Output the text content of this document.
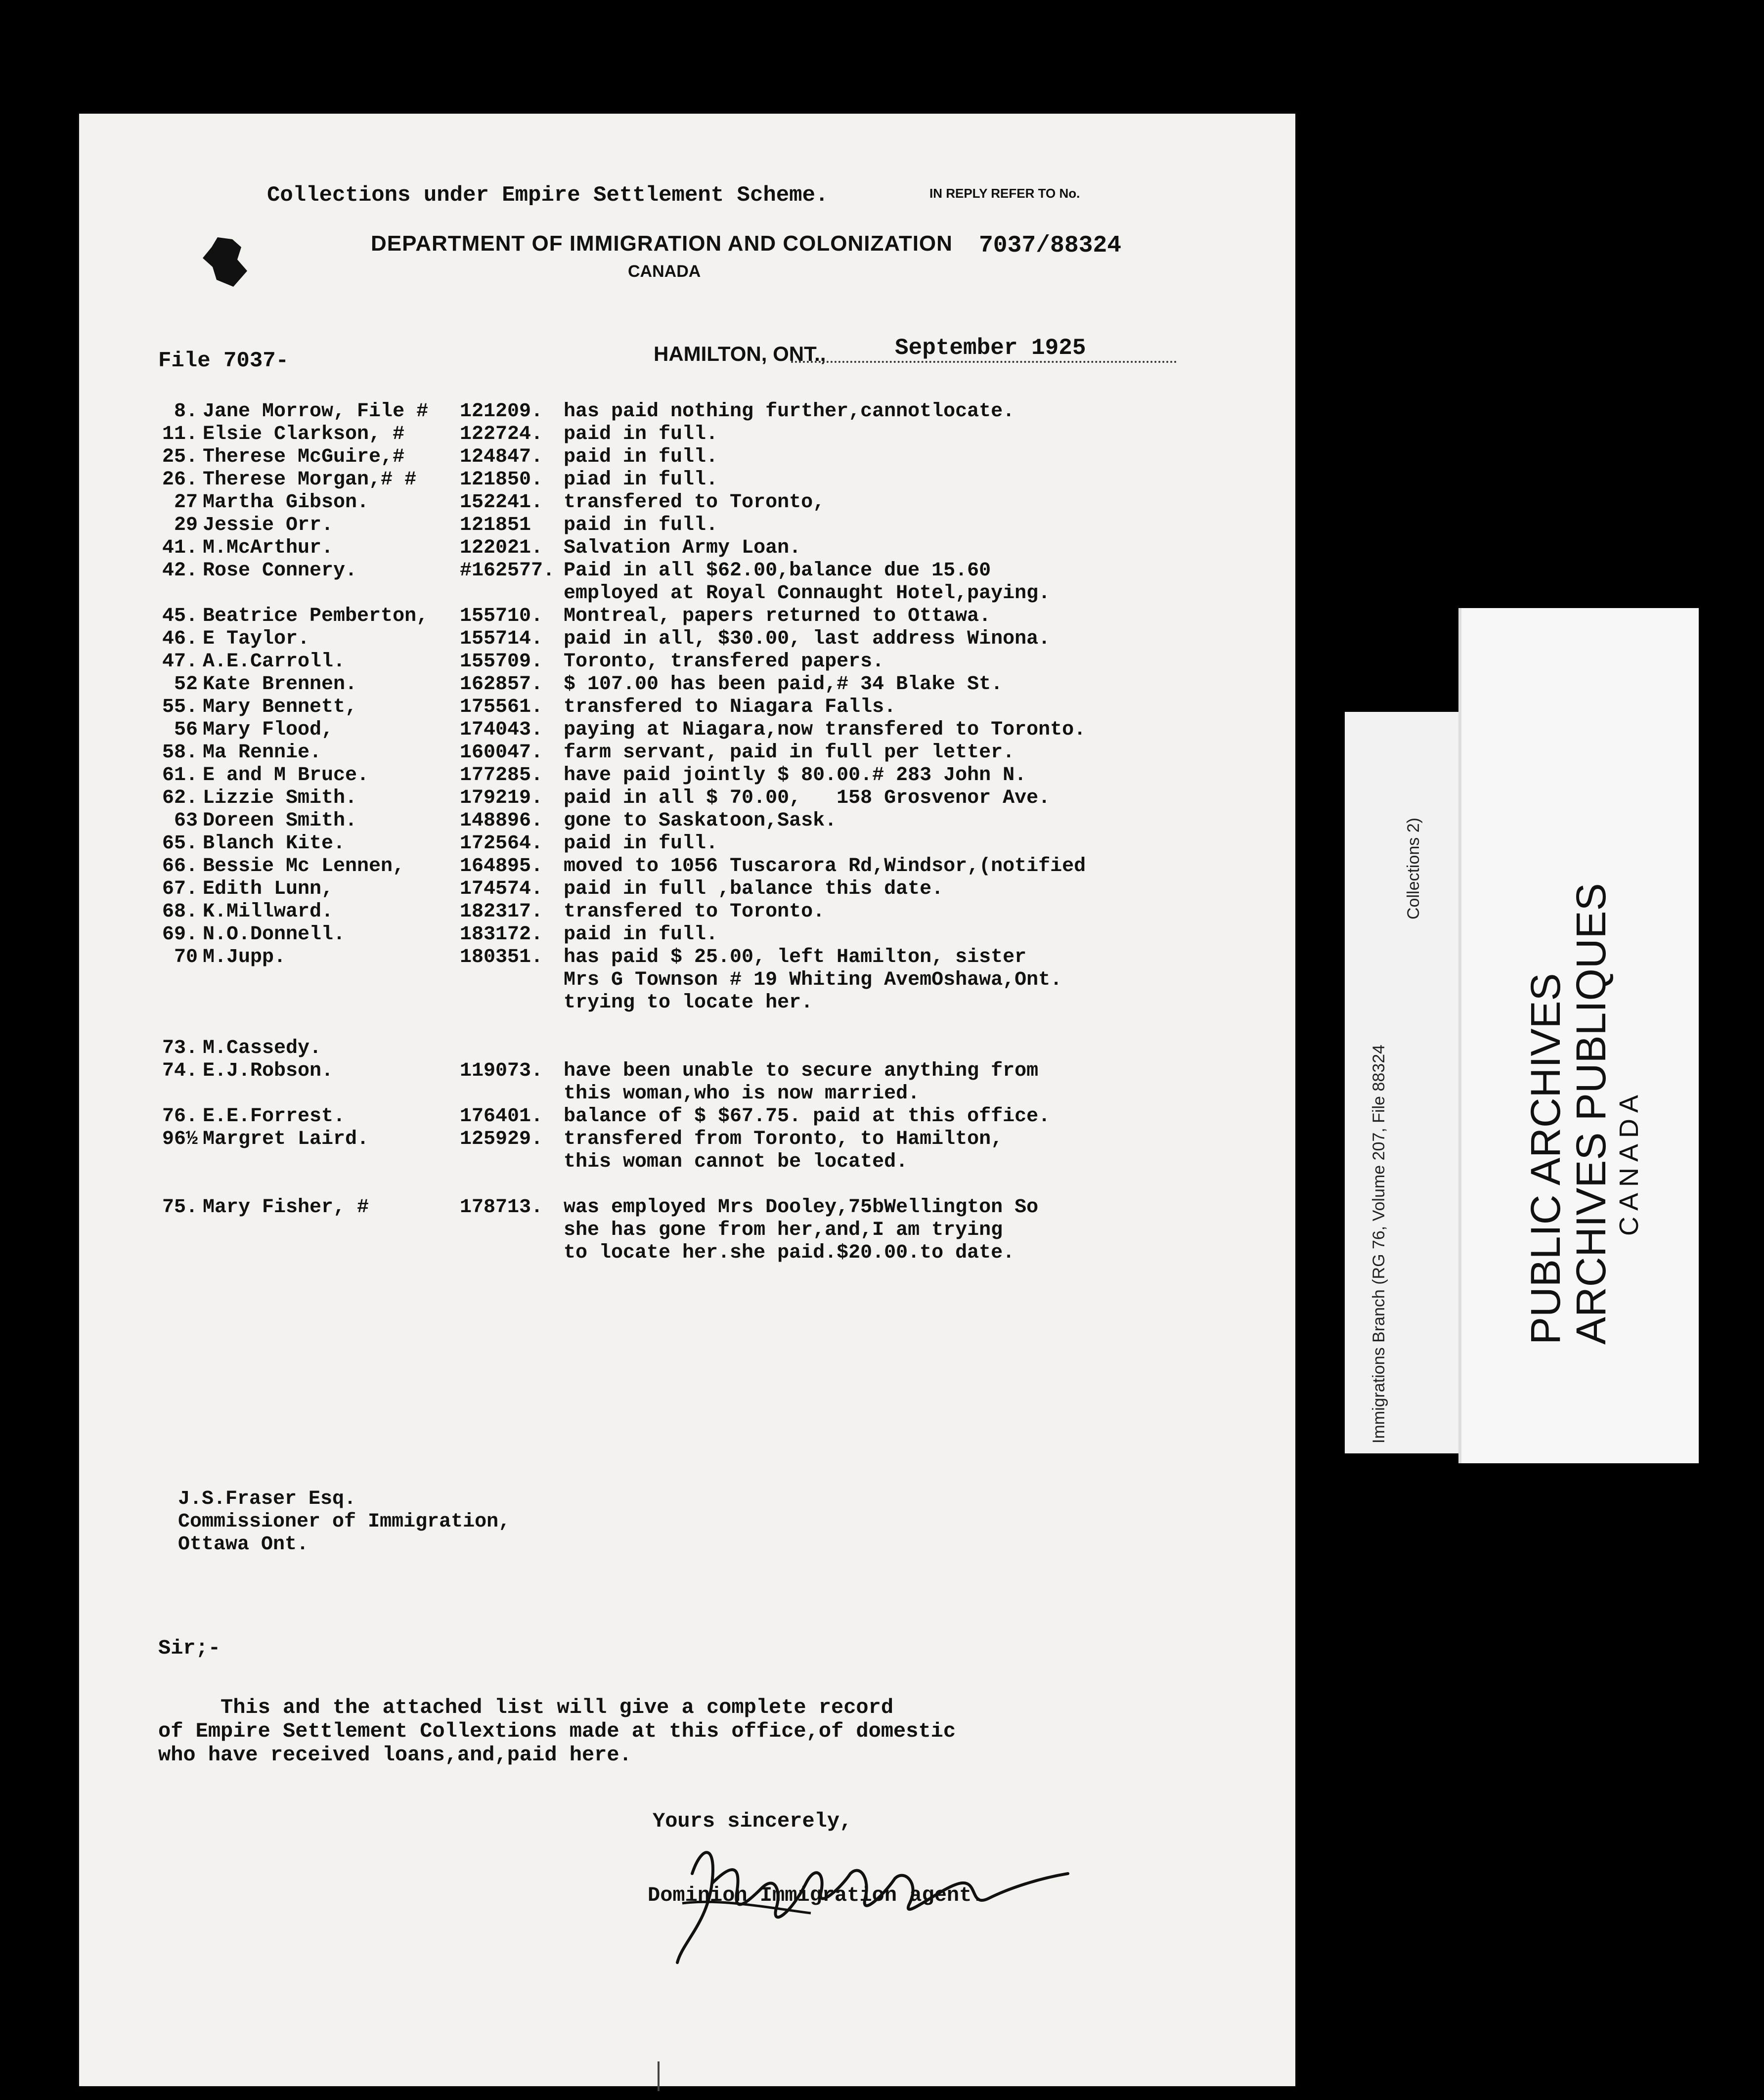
Collections under Empire Settlement Scheme.	IN REPLY REFER TO No.
DEPARTMENT OF IMMIGRATION AND COLONIZATION
CANADA
7037/88324
File 7037-	HAMILTON, ONT.,	September 1925
8. Jane Morrow, File # 121209. has paid nothing further,cannotlocate.
11. Elsie Clarkson, #	122724. paid in full.
25. Therese McGuire,#	124847. paid in full.
26. Therese Morgan,# # 121850. piad in full.
27 Martha Gibson.	152241. transfered to Toronto,
29 Jessie Orr.	121851 paid in full.
41. M.McArthur.	122021. Salvation Army Loan.
42. Rose Connery.	#162577. Paid in all $62.00,balance due 15.60
employed at Royal Connaught Hotel,paying.
45. Beatrice Pemberton, 155710. Montreal, papers returned to Ottawa.
46. E Taylor.	155714. paid in all, $30.00, last address Winona.
47. A.E.Carroll.	155709. Toronto, transfered papers.
52 Kate Brennen.	162857. $ 107.00 has been paid,# 34 Blake St.
55. Mary Bennett,	175561. transfered to Niagara Falls.
56 Mary Flood,	174043. paying at Niagara,now transfered to Toronto.
58. Ma Rennie.	160047. farm servant, paid in full per letter.
61. E and M Bruce.	177285. have paid jointly $ 80.00.# 283 John N.
62. Lizzie Smith.	179219. paid in all $ 70.00,   158 Grosvenor Ave.
63 Doreen Smith.	148896. gone to Saskatoon,Sask.
65. Blanch Kite.	172564. paid in full.
66. Bessie Mc Lennen,	164895. moved to 1056 Tuscarora Rd,Windsor,(notified
67. Edith Lunn,	174574. paid in full ,balance this date.
68. K.Millward.	182317. transfered to Toronto.
69. N.O.Donnell.	183172. paid in full.
70 M.Jupp.	180351. has paid $ 25.00, left Hamilton, sister
Mrs G Townson # 19 Whiting AvemOshawa,Ont.
trying to locate her.
73. M.Cassedy.
74. E.J.Robson.	119073. have been unable to secure anything from
this woman,who is now married.
76. E.E.Forrest.	176401. balance of $ $67.75. paid at this office.
96½ Margret Laird.	125929. transfered from Toronto, to Hamilton,
this woman cannot be located.
75. Mary Fisher, #	178713. was employed Mrs Dooley,75bWellington So
she has gone from her,and,I am trying
to locate her.she paid.$20.00.to date.
J.S.Fraser Esq.
Commissioner of Immigration,
Ottawa Ont.
Sir;-

This and the attached list will give a complete record

of Empire Settlement Collextions made at this office,of domestic

who have received loans,and,paid here.

Yours sincerely,
Dominion Immigration agent.
Immigrations Branch (RG 76, Volume 207, File 88324
Collections 2)
PUBLIC ARCHIVES
ARCHIVES PUBLIQUES CANADA
